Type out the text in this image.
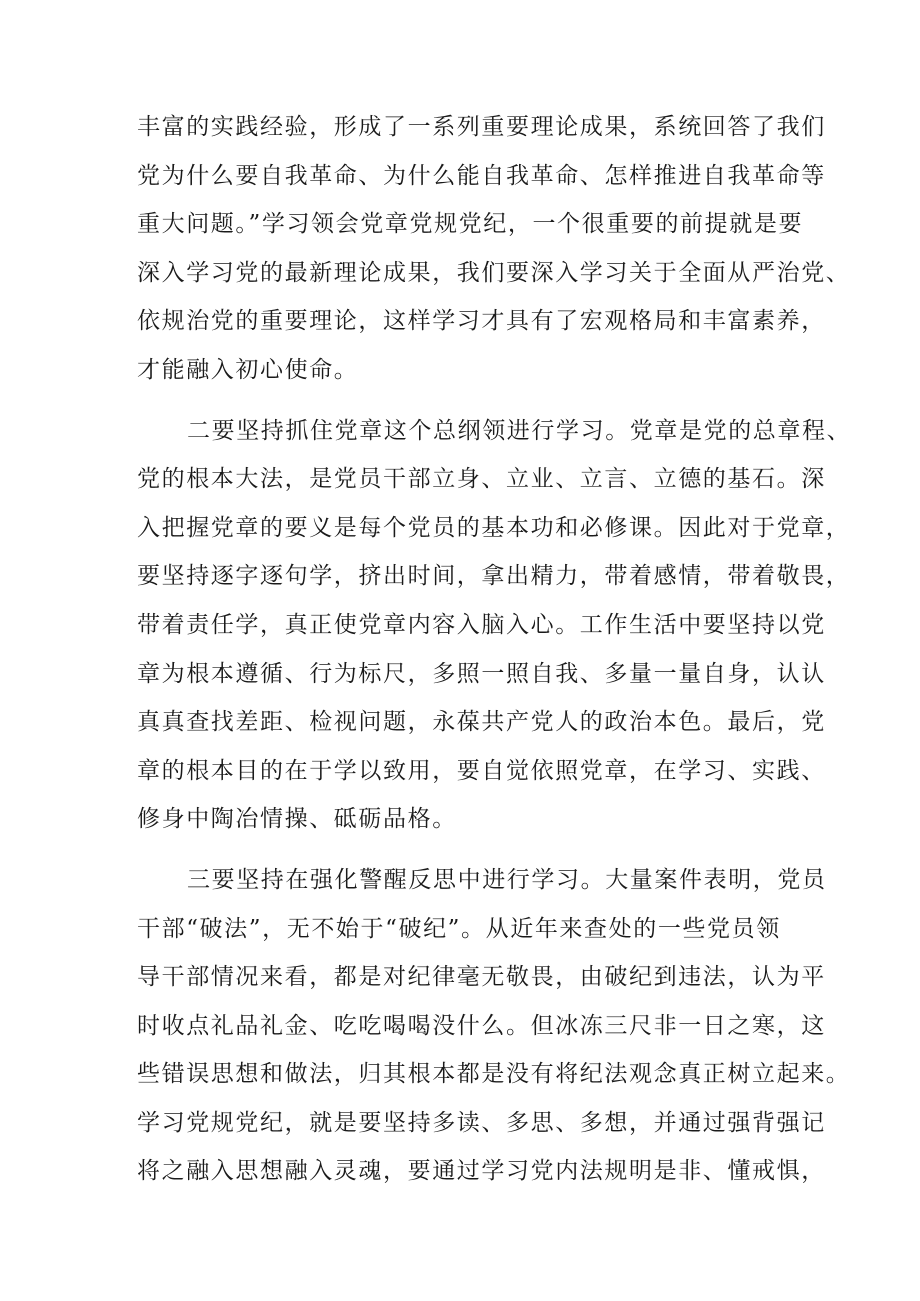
丰富的实践经验，形成了一系列重要理论成果，系统回答了我们
党为什么要自我革命、为什么能自我革命、怎样推进自我革命等
重大问题。”学习领会党章党规党纪，一个很重要的前提就是要
深入学习党的最新理论成果，我们要深入学习关于全面从严治党、
依规治党的重要理论，这样学习才具有了宏观格局和丰富素养，
才能融入初心使命。
二要坚持抓住党章这个总纲领进行学习。党章是党的总章程、
党的根本大法，是党员干部立身、立业、立言、立德的基石。深
入把握党章的要义是每个党员的基本功和必修课。因此对于党章，
要坚持逐字逐句学，挤出时间，拿出精力，带着感情，带着敬畏，
带着责任学，真正使党章内容入脑入心。工作生活中要坚持以党
章为根本遵循、行为标尺，多照一照自我、多量一量自身，认认
真真查找差距、检视问题，永葆共产党人的政治本色。最后，党
章的根本目的在于学以致用，要自觉依照党章，在学习、实践、
修身中陶冶情操、砥砺品格。
三要坚持在强化警醒反思中进行学习。大量案件表明，党员
干部“破法”，无不始于“破纪”。从近年来查处的一些党员领
导干部情况来看，都是对纪律毫无敬畏，由破纪到违法，认为平
时收点礼品礼金、吃吃喝喝没什么。但冰冻三尺非一日之寒，这
些错误思想和做法，归其根本都是没有将纪法观念真正树立起来。
学习党规党纪，就是要坚持多读、多思、多想，并通过强背强记
将之融入思想融入灵魂，要通过学习党内法规明是非、懂戒惧，
